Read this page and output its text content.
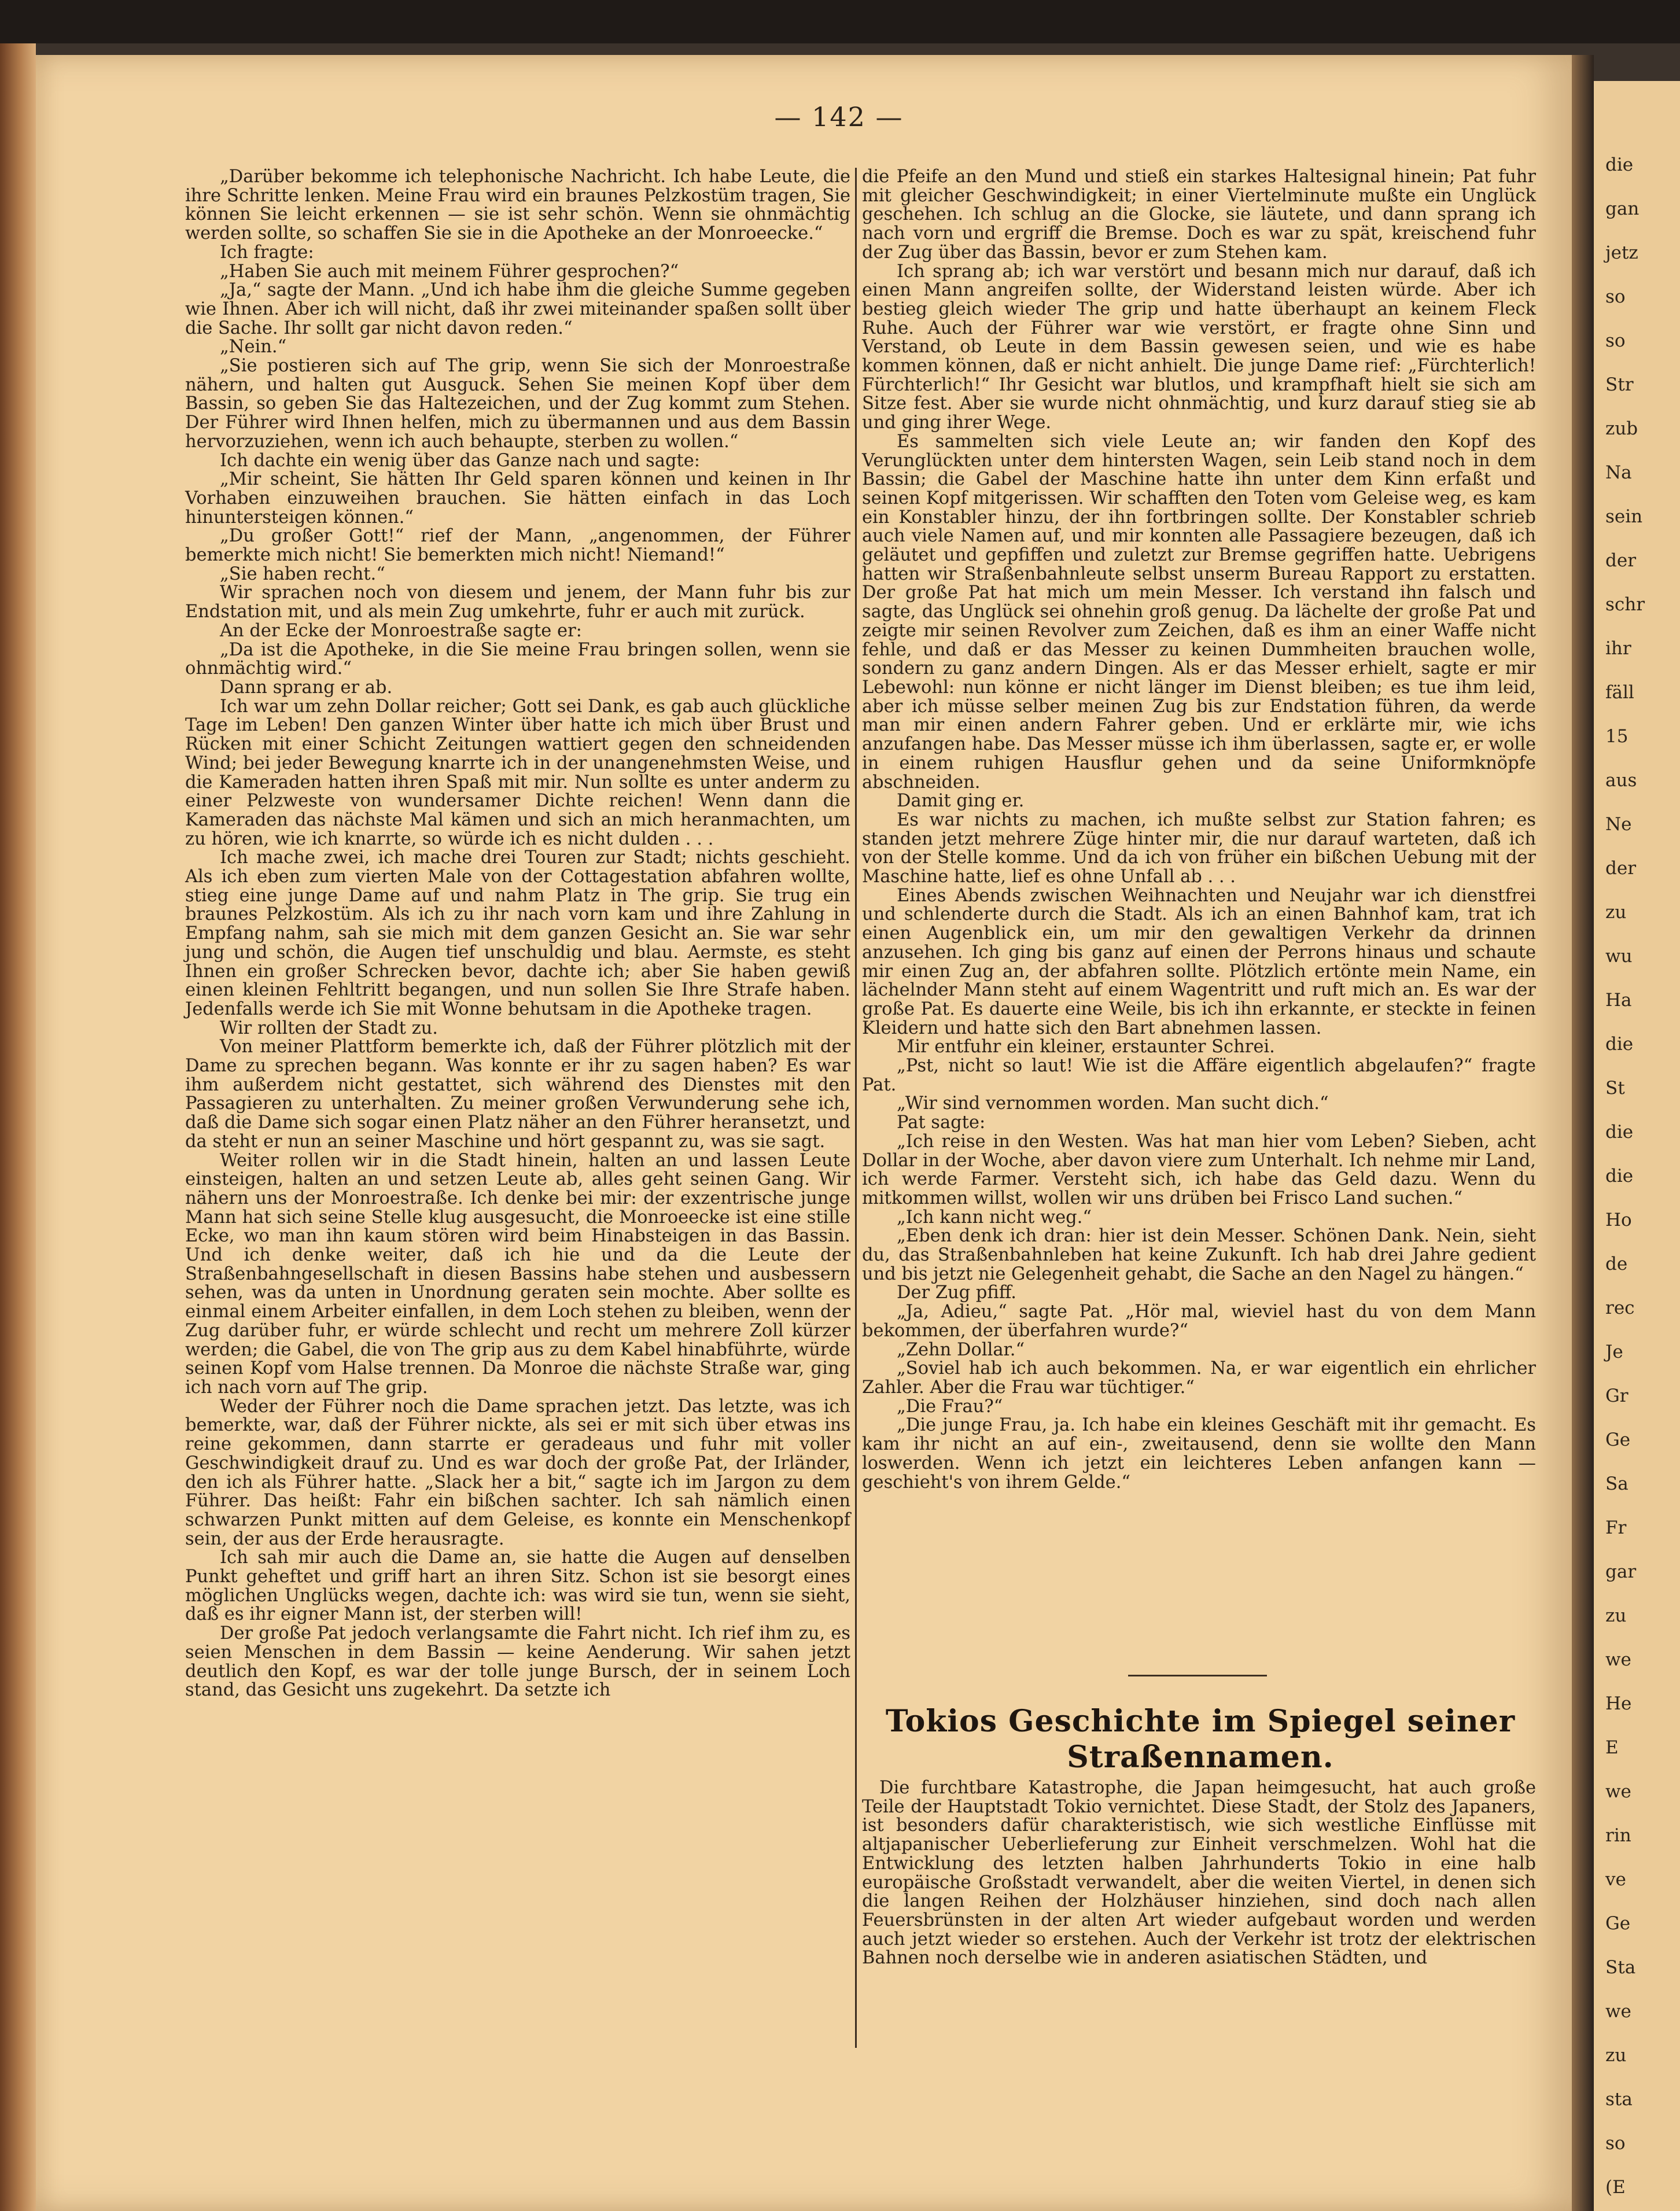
die
gan
jetz
so
so
Str
zub
Na
sein
der
schr
ihr
fäll
15
aus
Ne
der
zu
wu
Ha
die
St
die
die
Ho
de
rec
Je
Gr
Ge
Sa
Fr
gar
zu
we
He
E
we
rin
ve
Ge
Sta
we
zu
sta
so
(E
— 142 —

„Darüber bekomme ich telephonische Nachricht. Ich habe Leute, die ihre Schritte lenken. Meine Frau wird ein braunes Pelzkostüm tragen, Sie können Sie leicht erkennen — sie ist sehr schön. Wenn sie ohnmächtig werden sollte, so schaffen Sie sie in die Apotheke an der Monroeecke.“

Ich fragte:

„Haben Sie auch mit meinem Führer gesprochen?“

„Ja,“ sagte der Mann. „Und ich habe ihm die gleiche Summe gegeben wie Ihnen. Aber ich will nicht, daß ihr zwei miteinander spaßen sollt über die Sache. Ihr sollt gar nicht davon reden.“

„Nein.“

„Sie postieren sich auf The grip, wenn Sie sich der Monroestraße nähern, und halten gut Ausguck. Sehen Sie meinen Kopf über dem Bassin, so geben Sie das Haltezeichen, und der Zug kommt zum Stehen. Der Führer wird Ihnen helfen, mich zu übermannen und aus dem Bassin hervorzuziehen, wenn ich auch behaupte, sterben zu wollen.“

Ich dachte ein wenig über das Ganze nach und sagte:

„Mir scheint, Sie hätten Ihr Geld sparen können und keinen in Ihr Vorhaben einzuweihen brauchen. Sie hätten einfach in das Loch hinuntersteigen können.“

„Du großer Gott!“ rief der Mann, „angenommen, der Führer bemerkte mich nicht! Sie bemerkten mich nicht! Niemand!“

„Sie haben recht.“

Wir sprachen noch von diesem und jenem, der Mann fuhr bis zur Endstation mit, und als mein Zug umkehrte, fuhr er auch mit zurück.

An der Ecke der Monroestraße sagte er:

„Da ist die Apotheke, in die Sie meine Frau bringen sollen, wenn sie ohnmächtig wird.“

Dann sprang er ab.

Ich war um zehn Dollar reicher; Gott sei Dank, es gab auch glückliche Tage im Leben! Den ganzen Winter über hatte ich mich über Brust und Rücken mit einer Schicht Zeitungen wattiert gegen den schneidenden Wind; bei jeder Bewegung knarrte ich in der unangenehmsten Weise, und die Kameraden hatten ihren Spaß mit mir. Nun sollte es unter anderm zu einer Pelzweste von wundersamer Dichte reichen! Wenn dann die Kameraden das nächste Mal kämen und sich an mich heranmachten, um zu hören, wie ich knarrte, so würde ich es nicht dulden . . .

Ich mache zwei, ich mache drei Touren zur Stadt; nichts geschieht. Als ich eben zum vierten Male von der Cottagestation abfahren wollte, stieg eine junge Dame auf und nahm Platz in The grip. Sie trug ein braunes Pelzkostüm. Als ich zu ihr nach vorn kam und ihre Zahlung in Empfang nahm, sah sie mich mit dem ganzen Gesicht an. Sie war sehr jung und schön, die Augen tief unschuldig und blau. Aermste, es steht Ihnen ein großer Schrecken bevor, dachte ich; aber Sie haben gewiß einen kleinen Fehltritt begangen, und nun sollen Sie Ihre Strafe haben. Jedenfalls werde ich Sie mit Wonne behutsam in die Apotheke tragen.

Wir rollten der Stadt zu.

Von meiner Plattform bemerkte ich, daß der Führer plötzlich mit der Dame zu sprechen begann. Was konnte er ihr zu sagen haben? Es war ihm außerdem nicht gestattet, sich während des Dienstes mit den Passagieren zu unterhalten. Zu meiner großen Verwunderung sehe ich, daß die Dame sich sogar einen Platz näher an den Führer heransetzt, und da steht er nun an seiner Maschine und hört gespannt zu, was sie sagt.

Weiter rollen wir in die Stadt hinein, halten an und lassen Leute einsteigen, halten an und setzen Leute ab, alles geht seinen Gang. Wir nähern uns der Monroestraße. Ich denke bei mir: der exzentrische junge Mann hat sich seine Stelle klug ausgesucht, die Monroeecke ist eine stille Ecke, wo man ihn kaum stören wird beim Hinabsteigen in das Bassin. Und ich denke weiter, daß ich hie und da die Leute der Straßenbahngesellschaft in diesen Bassins habe stehen und ausbessern sehen, was da unten in Unordnung geraten sein mochte. Aber sollte es einmal einem Arbeiter einfallen, in dem Loch stehen zu bleiben, wenn der Zug darüber fuhr, er würde schlecht und recht um mehrere Zoll kürzer werden; die Gabel, die von The grip aus zu dem Kabel hinabführte, würde seinen Kopf vom Halse trennen. Da Monroe die nächste Straße war, ging ich nach vorn auf The grip.

Weder der Führer noch die Dame sprachen jetzt. Das letzte, was ich bemerkte, war, daß der Führer nickte, als sei er mit sich über etwas ins reine gekommen, dann starrte er geradeaus und fuhr mit voller Geschwindigkeit drauf zu. Und es war doch der große Pat, der Irländer, den ich als Führer hatte. „Slack her a bit,“ sagte ich im Jargon zu dem Führer. Das heißt: Fahr ein bißchen sachter. Ich sah nämlich einen schwarzen Punkt mitten auf dem Geleise, es konnte ein Menschenkopf sein, der aus der Erde herausragte.

Ich sah mir auch die Dame an, sie hatte die Augen auf denselben Punkt geheftet und griff hart an ihren Sitz. Schon ist sie besorgt eines möglichen Unglücks wegen, dachte ich: was wird sie tun, wenn sie sieht, daß es ihr eigner Mann ist, der sterben will!

Der große Pat jedoch verlangsamte die Fahrt nicht. Ich rief ihm zu, es seien Menschen in dem Bassin — keine Aenderung. Wir sahen jetzt deutlich den Kopf, es war der tolle junge Bursch, der in seinem Loch stand, das Gesicht uns zugekehrt. Da setzte ich

die Pfeife an den Mund und stieß ein starkes Haltesignal hinein; Pat fuhr mit gleicher Geschwindigkeit; in einer Viertelminute mußte ein Unglück geschehen. Ich schlug an die Glocke, sie läutete, und dann sprang ich nach vorn und ergriff die Bremse. Doch es war zu spät, kreischend fuhr der Zug über das Bassin, bevor er zum Stehen kam.

Ich sprang ab; ich war verstört und besann mich nur darauf, daß ich einen Mann angreifen sollte, der Widerstand leisten würde. Aber ich bestieg gleich wieder The grip und hatte überhaupt an keinem Fleck Ruhe. Auch der Führer war wie verstört, er fragte ohne Sinn und Verstand, ob Leute in dem Bassin gewesen seien, und wie es habe kommen können, daß er nicht anhielt. Die junge Dame rief: „Fürchterlich! Fürchterlich!“ Ihr Gesicht war blutlos, und krampfhaft hielt sie sich am Sitze fest. Aber sie wurde nicht ohnmächtig, und kurz darauf stieg sie ab und ging ihrer Wege.

Es sammelten sich viele Leute an; wir fanden den Kopf des Verunglückten unter dem hintersten Wagen, sein Leib stand noch in dem Bassin; die Gabel der Maschine hatte ihn unter dem Kinn erfaßt und seinen Kopf mitgerissen. Wir schafften den Toten vom Geleise weg, es kam ein Konstabler hinzu, der ihn fortbringen sollte. Der Konstabler schrieb auch viele Namen auf, und mir konnten alle Passagiere bezeugen, daß ich geläutet und gepfiffen und zuletzt zur Bremse gegriffen hatte. Uebrigens hatten wir Straßenbahnleute selbst unserm Bureau Rapport zu erstatten. Der große Pat hat mich um mein Messer. Ich verstand ihn falsch und sagte, das Unglück sei ohnehin groß genug. Da lächelte der große Pat und zeigte mir seinen Revolver zum Zeichen, daß es ihm an einer Waffe nicht fehle, und daß er das Messer zu keinen Dummheiten brauchen wolle, sondern zu ganz andern Dingen. Als er das Messer erhielt, sagte er mir Lebewohl: nun könne er nicht länger im Dienst bleiben; es tue ihm leid, aber ich müsse selber meinen Zug bis zur Endstation führen, da werde man mir einen andern Fahrer geben. Und er erklärte mir, wie ichs anzufangen habe. Das Messer müsse ich ihm überlassen, sagte er, er wolle in einem ruhigen Hausflur gehen und da seine Uniformknöpfe abschneiden.

Damit ging er.

Es war nichts zu machen, ich mußte selbst zur Station fahren; es standen jetzt mehrere Züge hinter mir, die nur darauf warteten, daß ich von der Stelle komme. Und da ich von früher ein bißchen Uebung mit der Maschine hatte, lief es ohne Unfall ab . . .

Eines Abends zwischen Weihnachten und Neujahr war ich dienstfrei und schlenderte durch die Stadt. Als ich an einen Bahnhof kam, trat ich einen Augenblick ein, um mir den gewaltigen Verkehr da drinnen anzusehen. Ich ging bis ganz auf einen der Perrons hinaus und schaute mir einen Zug an, der abfahren sollte. Plötzlich ertönte mein Name, ein lächelnder Mann steht auf einem Wagentritt und ruft mich an. Es war der große Pat. Es dauerte eine Weile, bis ich ihn erkannte, er steckte in feinen Kleidern und hatte sich den Bart abnehmen lassen.

Mir entfuhr ein kleiner, erstaunter Schrei.

„Pst, nicht so laut! Wie ist die Affäre eigentlich abgelaufen?“ fragte Pat.

„Wir sind vernommen worden. Man sucht dich.“

Pat sagte:

„Ich reise in den Westen. Was hat man hier vom Leben? Sieben, acht Dollar in der Woche, aber davon viere zum Unterhalt. Ich nehme mir Land, ich werde Farmer. Versteht sich, ich habe das Geld dazu. Wenn du mitkommen willst, wollen wir uns drüben bei Frisco Land suchen.“

„Ich kann nicht weg.“

„Eben denk ich dran: hier ist dein Messer. Schönen Dank. Nein, sieht du, das Straßenbahnleben hat keine Zukunft. Ich hab drei Jahre gedient und bis jetzt nie Gelegenheit gehabt, die Sache an den Nagel zu hängen.“

Der Zug pfiff.

„Ja, Adieu,“ sagte Pat. „Hör mal, wieviel hast du von dem Mann bekommen, der überfahren wurde?“

„Zehn Dollar.“

„Soviel hab ich auch bekommen. Na, er war eigentlich ein ehrlicher Zahler. Aber die Frau war tüchtiger.“

„Die Frau?“

„Die junge Frau, ja. Ich habe ein kleines Geschäft mit ihr gemacht. Es kam ihr nicht an auf ein-, zweitausend, denn sie wollte den Mann loswerden. Wenn ich jetzt ein leichteres Leben anfangen kann — geschieht's von ihrem Gelde.“

Tokios Geschichte im Spiegel seiner
Straßennamen.

Die furchtbare Katastrophe, die Japan heimgesucht, hat auch große Teile der Hauptstadt Tokio vernichtet. Diese Stadt, der Stolz des Japaners, ist besonders dafür charakteristisch, wie sich westliche Einflüsse mit altjapanischer Ueberlieferung zur Einheit verschmelzen. Wohl hat die Entwicklung des letzten halben Jahrhunderts Tokio in eine halb europäische Großstadt verwandelt, aber die weiten Viertel, in denen sich die langen Reihen der Holzhäuser hinziehen, sind doch nach allen Feuersbrünsten in der alten Art wieder aufgebaut worden und werden auch jetzt wieder so erstehen. Auch der Verkehr ist trotz der elektrischen Bahnen noch derselbe wie in anderen asiatischen Städten, und
